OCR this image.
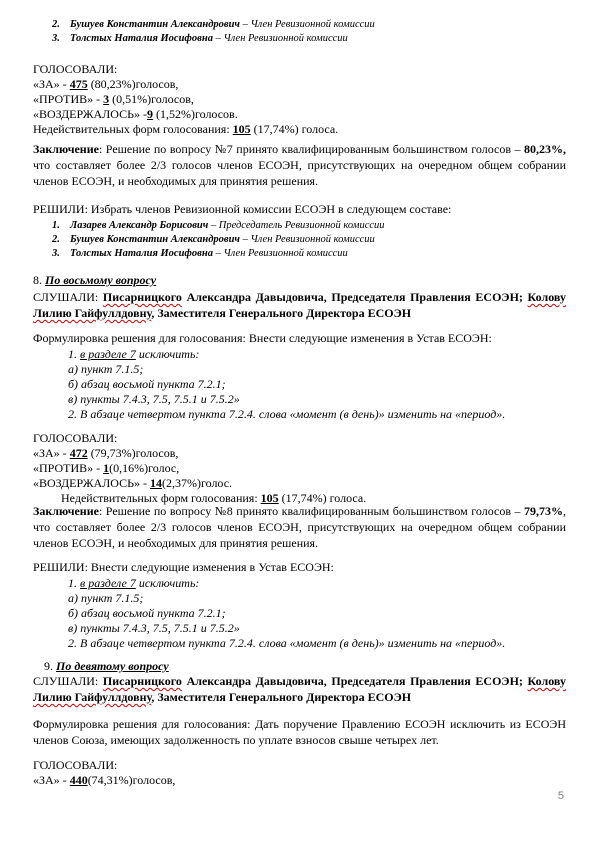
2. Бушуев Константин Александрович – Член Ревизионной комиссии
3. Толстых Наталия Иосифовна – Член Ревизионной комиссии
ГОЛОСОВАЛИ:
«ЗА» - 475 (80,23%)голосов,
«ПРОТИВ» - 3 (0,51%)голосов,
«ВОЗДЕРЖАЛОСЬ» -9 (1,52%)голосов.
Недействительных форм голосования: 105 (17,74%) голоса.
Заключение: Решение по вопросу №7 принято квалифицированным большинством голосов – 80,23%, что составляет более 2/3 голосов членов ЕСОЭН, присутствующих на очередном общем собрании членов ЕСОЭН, и необходимых для принятия решения.
РЕШИЛИ: Избрать членов Ревизионной комиссии ЕСОЭН в следующем составе:
1. Лазарев Александр Борисович – Председатель Ревизионной комиссии
2. Бушуев Константин Александрович – Член Ревизионной комиссии
3. Толстых Наталия Иосифовна – Член Ревизионной комиссии
8. По восьмому вопросу
СЛУШАЛИ: Писарницкого Александра Давыдовича, Председателя Правления ЕСОЭН; Колову Лилию Гайфуллдовну, Заместителя Генерального Директора ЕСОЭН
Формулировка решения для голосования: Внести следующие изменения в Устав ЕСОЭН:
1. в разделе 7 исключить:
а) пункт 7.1.5;
б) абзац восьмой пункта 7.2.1;
в) пункты 7.4.3, 7.5, 7.5.1 и 7.5.2»
2. В абзаце четвертом пункта 7.2.4. слова «момент (в день)» изменить на «период».
ГОЛОСОВАЛИ:
«ЗА» - 472 (79,73%)голосов,
«ПРОТИВ» - 1(0,16%)голос,
«ВОЗДЕРЖАЛОСЬ» - 14(2,37%)голос.
Недействительных форм голосования: 105 (17,74%) голоса.
Заключение: Решение по вопросу №8 принято квалифицированным большинством голосов – 79,73%, что составляет более 2/3 голосов членов ЕСОЭН, присутствующих на очередном общем собрании членов ЕСОЭН, и необходимых для принятия решения.
РЕШИЛИ: Внести следующие изменения в Устав ЕСОЭН:
1. в разделе 7 исключить:
а) пункт 7.1.5;
б) абзац восьмой пункта 7.2.1;
в) пункты 7.4.3, 7.5, 7.5.1 и 7.5.2»
2. В абзаце четвертом пункта 7.2.4. слова «момент (в день)» изменить на «период».
9. По девятому вопросу
СЛУШАЛИ: Писарницкого Александра Давыдовича, Председателя Правления ЕСОЭН; Колову Лилию Гайфуллдовну, Заместителя Генерального Директора ЕСОЭН
Формулировка решения для голосования: Дать поручение Правлению ЕСОЭН исключить из ЕСОЭН членов Союза, имеющих задолженность по уплате взносов свыше четырех лет.
ГОЛОСОВАЛИ:
«ЗА» - 440(74,31%)голосов,
5
